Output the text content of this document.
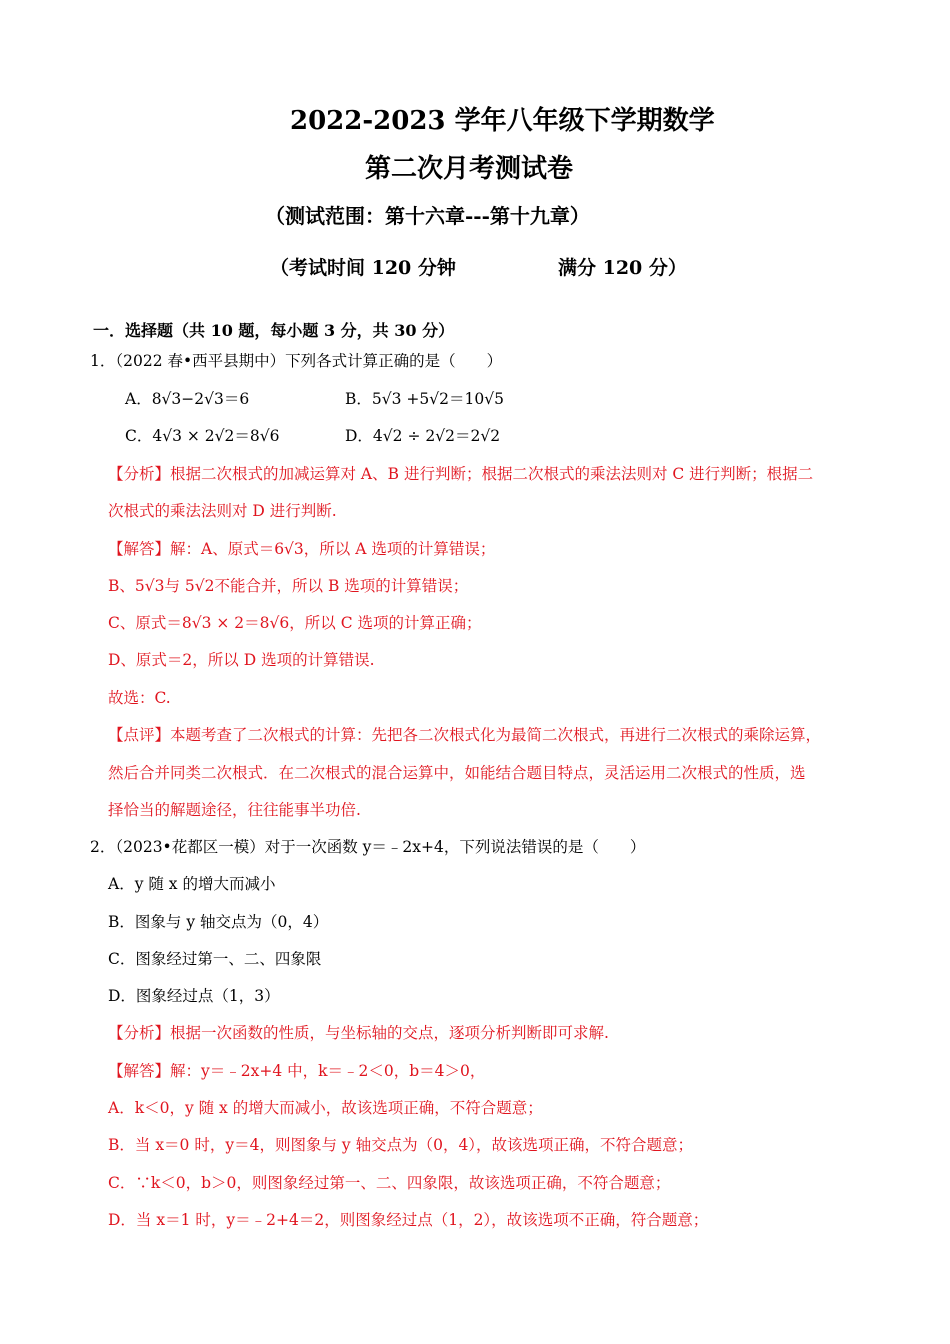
2022-2023 学年八年级下学期数学
第二次月考测试卷
（测试范围：第十六章---第十九章）
（考试时间 120 分钟	满分 120 分）
一．选择题（共 10 题，每小题 3 分，共 30 分）
1．（2022 春•西平县期中）下列各式计算正确的是（　　）
A．8√3−2√3＝6	B．5√3 +5√2＝10√5
C．4√3 × 2√2＝8√6	D．4√2 ÷ 2√2＝2√2
【分析】根据二次根式的加减运算对 A、B 进行判断；根据二次根式的乘法法则对 C 进行判断；根据二
次根式的乘法法则对 D 进行判断.
【解答】解：A、原式＝6√3，所以 A 选项的计算错误；
B、5√3与 5√2不能合并，所以 B 选项的计算错误；
C、原式＝8√3 × 2＝8√6，所以 C 选项的计算正确；
D、原式＝2，所以 D 选项的计算错误.
故选：C.
【点评】本题考查了二次根式的计算：先把各二次根式化为最简二次根式，再进行二次根式的乘除运算，
然后合并同类二次根式．在二次根式的混合运算中，如能结合题目特点，灵活运用二次根式的性质，选
择恰当的解题途径，往往能事半功倍.
2．（2023•花都区一模）对于一次函数 y＝﹣2x+4，下列说法错误的是（　　）
A．y 随 x 的增大而减小
B．图象与 y 轴交点为（0，4）
C．图象经过第一、二、四象限
D．图象经过点（1，3）
【分析】根据一次函数的性质，与坐标轴的交点，逐项分析判断即可求解.
【解答】解：y＝﹣2x+4 中，k＝﹣2＜0，b＝4＞0，
A．k＜0，y 随 x 的增大而减小，故该选项正确，不符合题意；
B．当 x＝0 时，y＝4，则图象与 y 轴交点为（0，4），故该选项正确，不符合题意；
C．∵k＜0，b＞0，则图象经过第一、二、四象限，故该选项正确，不符合题意；
D．当 x＝1 时，y＝﹣2+4＝2，则图象经过点（1，2），故该选项不正确，符合题意；
